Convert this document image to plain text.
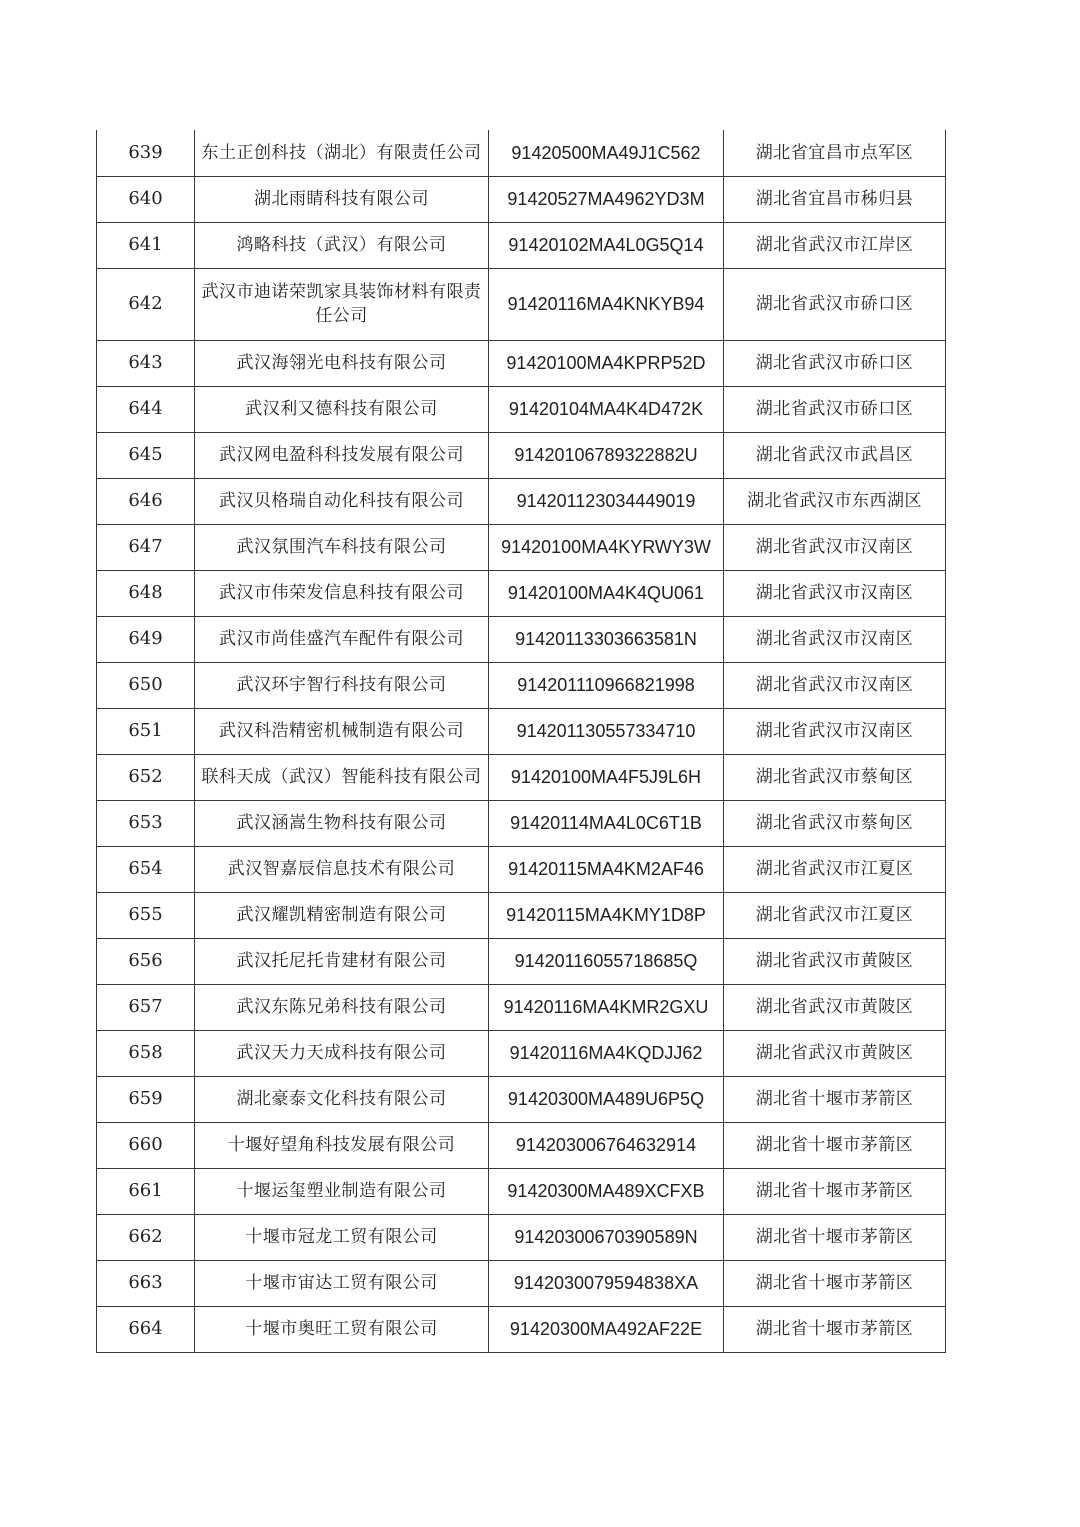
639	东土正创科技（湖北）有限责任公司	91420500MA49J1C562	湖北省宜昌市点军区
640	湖北雨睛科技有限公司	91420527MA4962YD3M	湖北省宜昌市秭归县
641	鸿略科技（武汉）有限公司	91420102MA4L0G5Q14	湖北省武汉市江岸区
642	武汉市迪诺荣凯家具装饰材料有限责任公司	91420116MA4KNKYB94	湖北省武汉市硚口区
643	武汉海翎光电科技有限公司	91420100MA4KPRP52D	湖北省武汉市硚口区
644	武汉利又德科技有限公司	91420104MA4K4D472K	湖北省武汉市硚口区
645	武汉网电盈科科技发展有限公司	91420106789322882U	湖北省武汉市武昌区
646	武汉贝格瑞自动化科技有限公司	914201123034449019	湖北省武汉市东西湖区
647	武汉氛围汽车科技有限公司	91420100MA4KYRWY3W	湖北省武汉市汉南区
648	武汉市伟荣发信息科技有限公司	91420100MA4K4QU061	湖北省武汉市汉南区
649	武汉市尚佳盛汽车配件有限公司	91420113303663581N	湖北省武汉市汉南区
650	武汉环宇智行科技有限公司	914201110966821998	湖北省武汉市汉南区
651	武汉科浩精密机械制造有限公司	914201130557334710	湖北省武汉市汉南区
652	联科天成（武汉）智能科技有限公司	91420100MA4F5J9L6H	湖北省武汉市蔡甸区
653	武汉涵嵩生物科技有限公司	91420114MA4L0C6T1B	湖北省武汉市蔡甸区
654	武汉智嘉辰信息技术有限公司	91420115MA4KM2AF46	湖北省武汉市江夏区
655	武汉耀凯精密制造有限公司	91420115MA4KMY1D8P	湖北省武汉市江夏区
656	武汉托尼托肯建材有限公司	91420116055718685Q	湖北省武汉市黄陂区
657	武汉东陈兄弟科技有限公司	91420116MA4KMR2GXU	湖北省武汉市黄陂区
658	武汉天力天成科技有限公司	91420116MA4KQDJJ62	湖北省武汉市黄陂区
659	湖北豪泰文化科技有限公司	91420300MA489U6P5Q	湖北省十堰市茅箭区
660	十堰好望角科技发展有限公司	914203006764632914	湖北省十堰市茅箭区
661	十堰运玺塑业制造有限公司	91420300MA489XCFXB	湖北省十堰市茅箭区
662	十堰市冠龙工贸有限公司	91420300670390589N	湖北省十堰市茅箭区
663	十堰市宙达工贸有限公司	9142030079594838XA	湖北省十堰市茅箭区
664	十堰市奥旺工贸有限公司	91420300MA492AF22E	湖北省十堰市茅箭区
